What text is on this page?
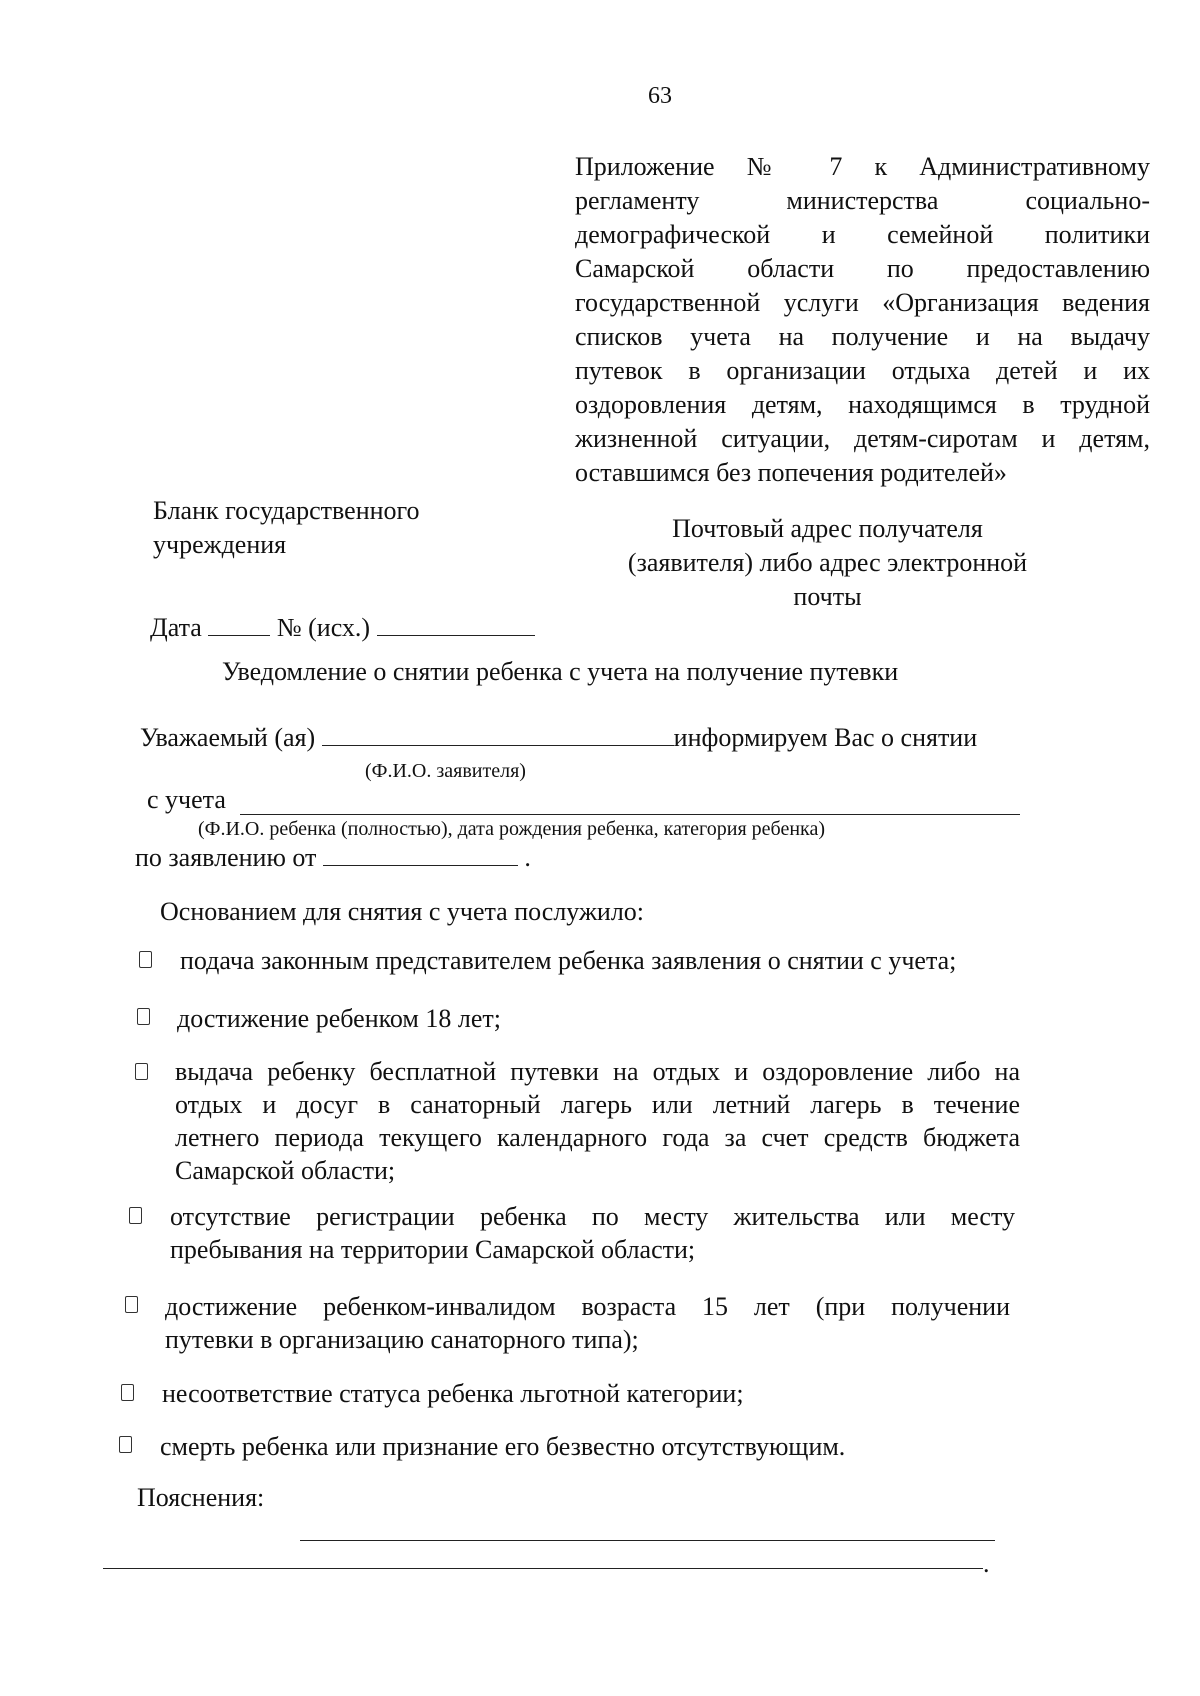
63
Приложение № 7 к Административному
регламенту министерства социально-
демографической и семейной политики
Самарской области по предоставлению
государственной услуги «Организация ведения
списков учета на получение и на выдачу
путевок в организации отдыха детей и их
оздоровления детям, находящимся в трудной
жизненной ситуации, детям-сиротам и детям,
оставшимся без попечения родителей»
Бланк государственного
учреждения
Почтовый адрес получателя
(заявителя) либо адрес электронной
почты
Дата	№ (исх.)
Уведомление о снятии ребенка с учета на получение путевки
Уважаемый (ая)	информируем Вас о снятии
(Ф.И.О. заявителя)
с учета
(Ф.И.О. ребенка (полностью), дата рождения ребенка, категория ребенка)
по заявлению от	.
Основанием для снятия с учета послужило:
подача законным представителем ребенка заявления о снятии с учета;
достижение ребенком 18 лет;
выдача ребенку бесплатной путевки на отдых и оздоровление либо на
отдых и досуг в санаторный лагерь или летний лагерь в течение
летнего периода текущего календарного года за счет средств бюджета
Самарской области;
отсутствие регистрации ребенка по месту жительства или месту
пребывания на территории Самарской области;
достижение ребенком-инвалидом возраста 15 лет (при получении
путевки в организацию санаторного типа);
несоответствие статуса ребенка льготной категории;
смерть ребенка или признание его безвестно отсутствующим.
Пояснения:
.
